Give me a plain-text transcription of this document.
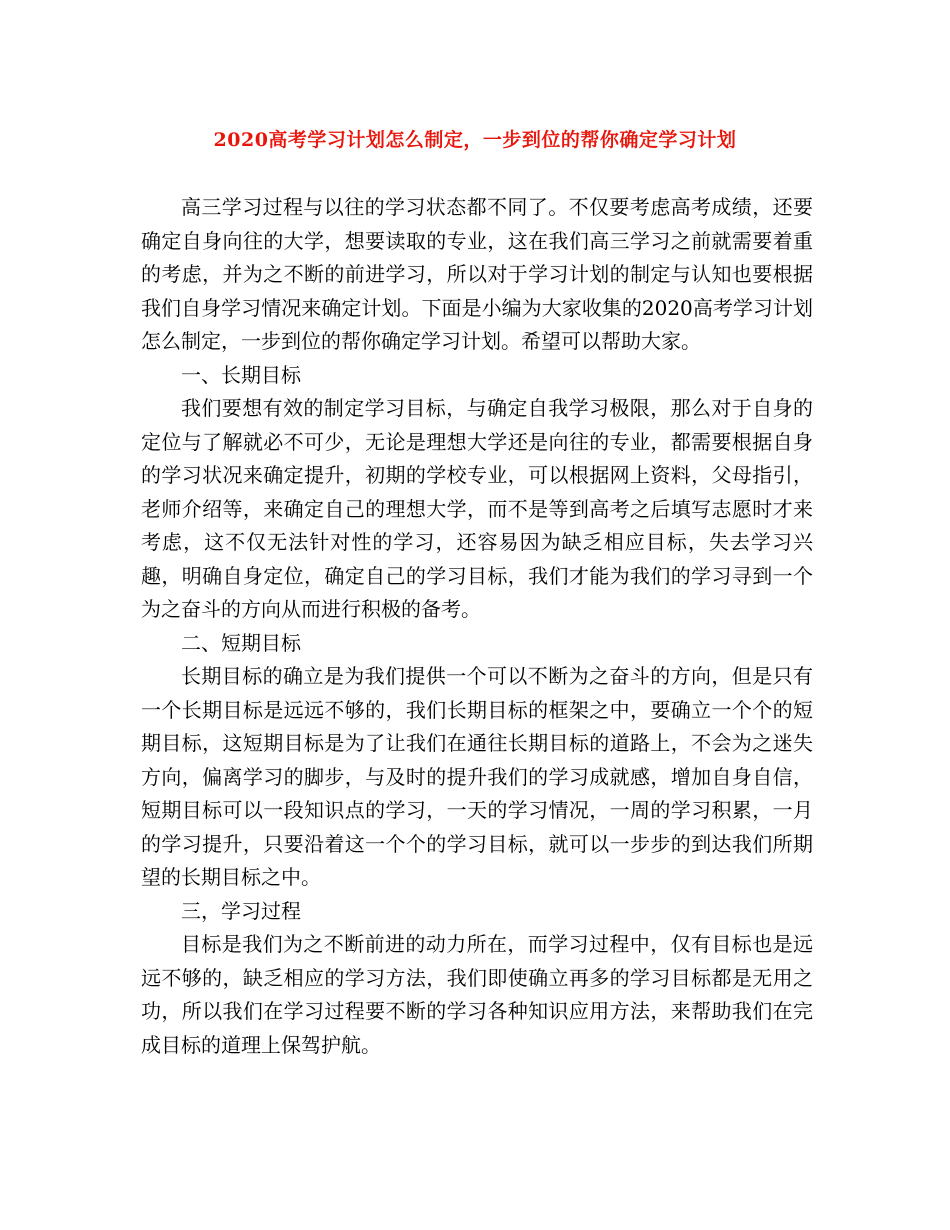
2020高考学习计划怎么制定，一步到位的帮你确定学习计划

高三学习过程与以往的学习状态都不同了。不仅要考虑高考成绩，还要确定自身向往的大学，想要读取的专业，这在我们高三学习之前就需要着重的考虑，并为之不断的前进学习，所以对于学习计划的制定与认知也要根据我们自身学习情况来确定计划。下面是小编为大家收集的2020高考学习计划怎么制定，一步到位的帮你确定学习计划。希望可以帮助大家。

一、长期目标

我们要想有效的制定学习目标，与确定自我学习极限，那么对于自身的定位与了解就必不可少，无论是理想大学还是向往的专业，都需要根据自身的学习状况来确定提升，初期的学校专业，可以根据网上资料，父母指引，老师介绍等，来确定自己的理想大学，而不是等到高考之后填写志愿时才来考虑，这不仅无法针对性的学习，还容易因为缺乏相应目标，失去学习兴趣，明确自身定位，确定自己的学习目标，我们才能为我们的学习寻到一个为之奋斗的方向从而进行积极的备考。

二、短期目标

长期目标的确立是为我们提供一个可以不断为之奋斗的方向，但是只有一个长期目标是远远不够的，我们长期目标的框架之中，要确立一个个的短期目标，这短期目标是为了让我们在通往长期目标的道路上，不会为之迷失方向，偏离学习的脚步，与及时的提升我们的学习成就感，增加自身自信，短期目标可以一段知识点的学习，一天的学习情况，一周的学习积累，一月的学习提升，只要沿着这一个个的学习目标，就可以一步步的到达我们所期望的长期目标之中。

三，学习过程

目标是我们为之不断前进的动力所在，而学习过程中，仅有目标也是远远不够的，缺乏相应的学习方法，我们即使确立再多的学习目标都是无用之功，所以我们在学习过程要不断的学习各种知识应用方法，来帮助我们在完成目标的道理上保驾护航。
